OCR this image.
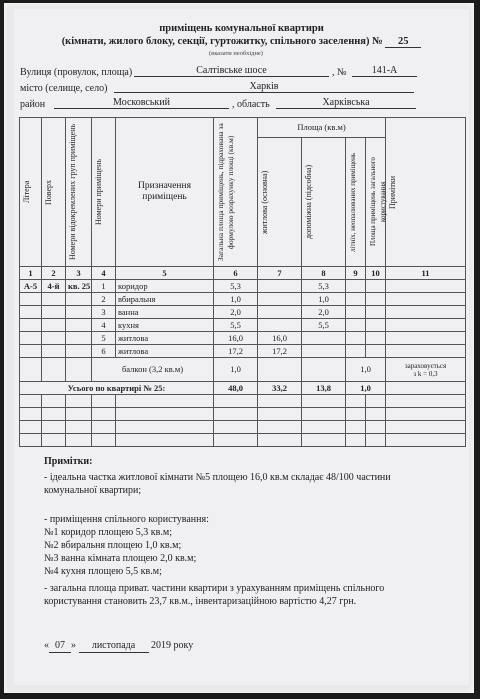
приміщень комунальної квартири
(кімнати, жилого блоку, секції, гуртожитку, спільного заселення) № 25
(вказати необхідне)
Вулиця (провулок, площа)	Салтівське шосе	, №	141-А
місто (селище, село)	Харків
район	Московський	, область	Харківська
Літера	Поверх	Номери відокремлених груп приміщень	Номери приміщень	Призначення приміщень	Загальна площа приміщень, підрахована за формулою розрахунку площі (кв.м)	Площа (кв.м)				Примітки

						житлова (основна)	допоміжна (підсобна)	літніх, неопалюваних приміщень	Площа приміщень загального користування	

1	2	3	4	5	6	7	8	9	10	11
А-5	4-й	кв. 25	1	коридор	5,3		5,3			
			2	вбиральня	1,0		1,0			
			3	ванна	2,0		2,0			
			4	кухня	5,5		5,5			
			5	житлова	16,0	16,0				
			6	житлова	17,2	17,2				
			балкон (3,2 кв.м)		1,0			1,0		зараховується
з k = 0,3

Усього по квартирі № 25:					48,0	33,2	13,8	1,0		

Примітки:
- ідеальна частка житлової кімнати №5 площею 16,0 кв.м складає 48/100 частини
комунальної квартири;
- приміщення спільного користування:
№1 коридор площею 5,3 кв.м;
№2 вбиральня площею 1,0 кв.м;
№3 ванна кімната площею 2,0 кв.м;
№4 кухня площею 5,5 кв.м;
- загальна площа приват. частини квартири з урахуванням приміщень спільного
користування становить 23,7 кв.м., інвентаризаційною вартістю 4,27 грн.
« 07 » листопада 2019 року
